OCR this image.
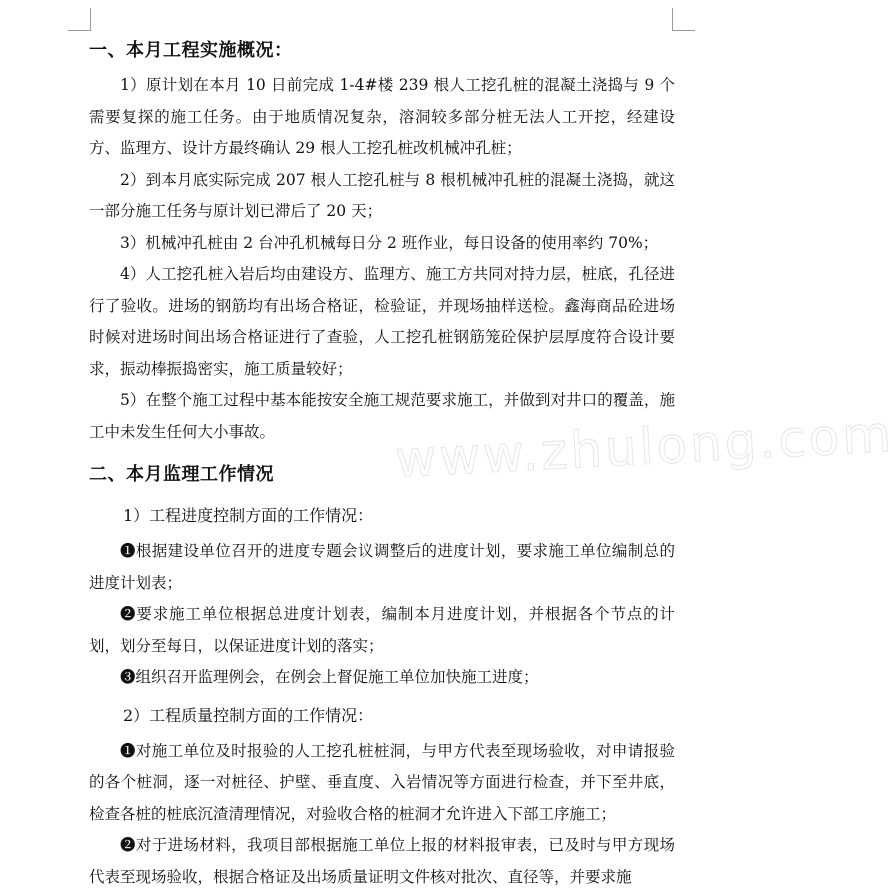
www.zhulong.com
一、本月工程实施概况：

1）原计划在本月 10 日前完成 1-4#楼 239 根人工挖孔桩的混凝土浇捣与 9 个需要复探的施工任务。由于地质情况复杂，溶洞较多部分桩无法人工开挖，经建设方、监理方、设计方最终确认 29 根人工挖孔桩改机械冲孔桩；

2）到本月底实际完成 207 根人工挖孔桩与 8 根机械冲孔桩的混凝土浇捣，就这一部分施工任务与原计划已滞后了 20 天；

3）机械冲孔桩由 2 台冲孔机械每日分 2 班作业，每日设备的使用率约 70%；

4）人工挖孔桩入岩后均由建设方、监理方、施工方共同对持力层，桩底，孔径进行了验收。进场的钢筋均有出场合格证，检验证，并现场抽样送检。鑫海商品砼进场时候对进场时间出场合格证进行了查验，人工挖孔桩钢筋笼砼保护层厚度符合设计要求，振动棒振捣密实，施工质量较好；

5）在整个施工过程中基本能按安全施工规范要求施工，并做到对井口的覆盖，施工中未发生任何大小事故。

二、本月监理工作情况
1）工程进度控制方面的工作情况：

➊根据建设单位召开的进度专题会议调整后的进度计划，要求施工单位编制总的进度计划表；

➋要求施工单位根据总进度计划表，编制本月进度计划，并根据各个节点的计划，划分至每日，以保证进度计划的落实；

➌组织召开监理例会，在例会上督促施工单位加快施工进度；

2）工程质量控制方面的工作情况：

➊对施工单位及时报验的人工挖孔桩桩洞，与甲方代表至现场验收，对申请报验的各个桩洞，逐一对桩径、护壁、垂直度、入岩情况等方面进行检查，并下至井底，检查各桩的桩底沉渣清理情况，对验收合格的桩洞才允许进入下部工序施工；

➋对于进场材料，我项目部根据施工单位上报的材料报审表，已及时与甲方现场代表至现场验收，根据合格证及出场质量证明文件核对批次、直径等，并要求施
